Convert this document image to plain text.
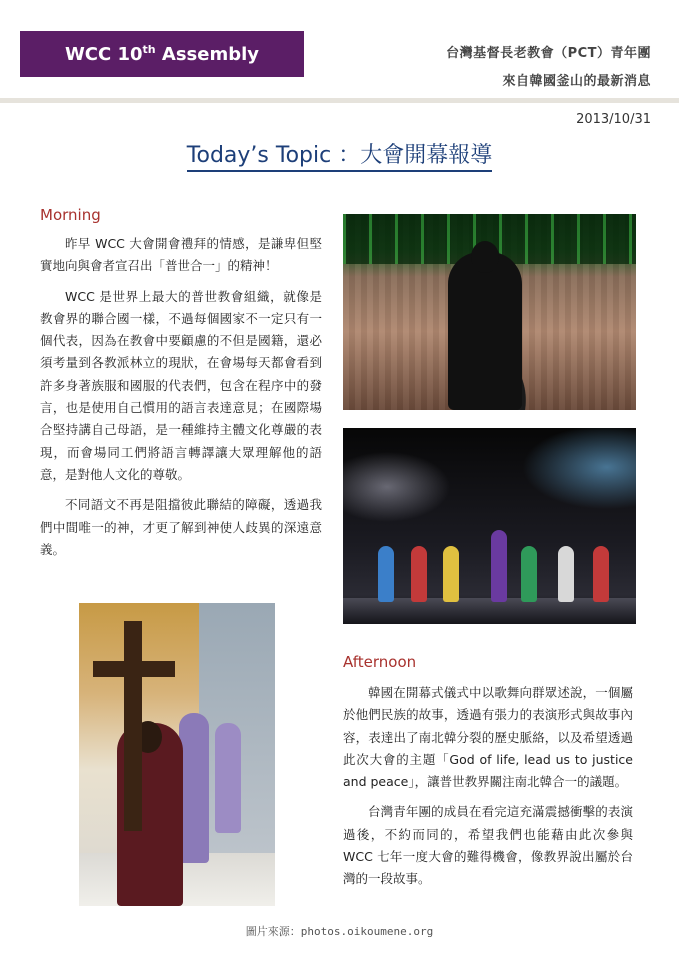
WCC 10th Assembly	台灣基督長老教會（PCT）青年團
來自韓國釜山的最新消息
2013/10/31
Today’s Topic ：大會開幕報導
Morning

昨早 WCC 大會開會禮拜的情感，是謙卑但堅實地向與會者宣召出「普世合一」的精神！

WCC 是世界上最大的普世教會組織，就像是教會界的聯合國一樣，不過每個國家不一定只有一個代表，因為在教會中要顧慮的不但是國籍，還必須考量到各教派林立的現狀，在會場每天都會看到許多身著族服和國服的代表們，包含在程序中的發言，也是使用自己慣用的語言表達意見；在國際場合堅持講自己母語，是一種維持主體文化尊嚴的表現，而會場同工們將語言轉譯讓大眾理解他的語意，是對他人文化的尊敬。

不同語文不再是阻擋彼此聯結的障礙，透過我們中間唯一的神，才更了解到神使人歧異的深遠意義。

Afternoon

韓國在開幕式儀式中以歌舞向群眾述說，一個屬於他們民族的故事，透過有張力的表演形式與故事內容，表達出了南北韓分裂的歷史脈絡，以及希望透過此次大會的主題「God of life, lead us to justice and peace」，讓普世教界關注南北韓合一的議題。

台灣青年團的成員在看完這充滿震撼衝擊的表演過後，不約而同的，希望我們也能藉由此次參與 WCC 七年一度大會的難得機會，像教界說出屬於台灣的一段故事。

圖片來源：photos.oikoumene.org
